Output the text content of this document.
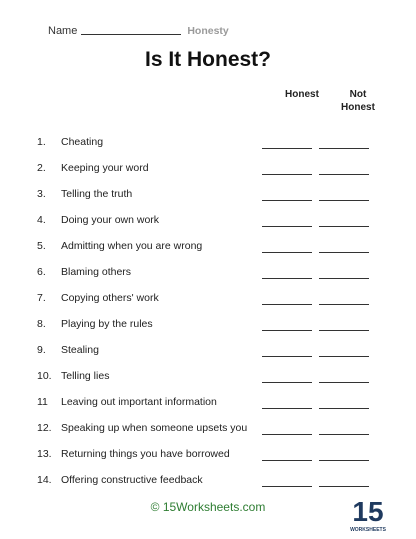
Name	Honesty
Is It Honest?
Honest	Not
Honest
1. Cheating
2. Keeping your word
3. Telling the truth
4. Doing your own work
5. Admitting when you are wrong
6. Blaming others
7. Copying others' work
8. Playing by the rules
9. Stealing
10. Telling lies
11 Leaving out important information
12. Speaking up when someone upsets you
13. Returning things you have borrowed
14. Offering constructive feedback
© 15Worksheets.com	15
WORKSHEETS
